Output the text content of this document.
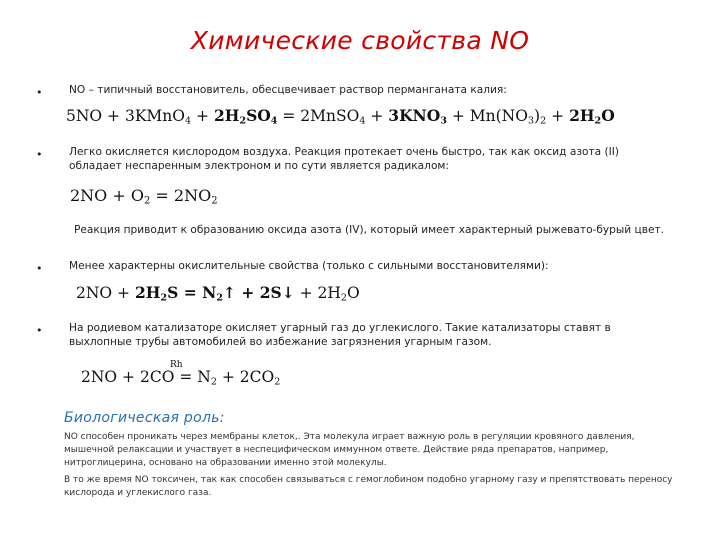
Химические свойства NO
•	NO – типичный восстановитель, обесцвечивает раствор перманганата калия:
5NO + 3KMnO$_4$ + $2H_2SO_4$ = 2MnSO$_4$ + $3KNO_3 + Mn(NO_3)_2 + 2H_2O$
•	Легко окисляется кислородом воздуха. Реакция протекает очень быстро, так как оксид азота (II) обладает неспаренным электроном и по сути является радикалом:
$2NO + O_2 = 2NO_2$
Реакция приводит к образованию оксида азота (IV), который имеет характерный рыжевато-бурый цвет.
•	Менее характерны окислительные свойства (только с сильными восстановителями):
$2NO + 2H_2S$ = $N_2↑$ + 2S↓ + $2H_2O$
•	На родиевом катализаторе окисляет угарный газ до углекислого. Такие катализаторы ставят в выхлопные трубы автомобилей во избежание загрязнения угарным газом.
Rh
$2NO + 2CO = N_2 + 2CO_2$
Биологическая роль:
NO способен проникать через мембраны клеток,. Эта молекула играет важную роль в регуляции кровяного давления, мышечной релаксации и участвует в неспецифическом иммунном ответе. Действие ряда препаратов, например, нитроглицерина, основано на образовании именно этой молекулы.
В то же время NO токсичен, так как способен связываться с гемоглобином подобно угарному газу и препятствовать переносу кислорода и углекислого газа.
